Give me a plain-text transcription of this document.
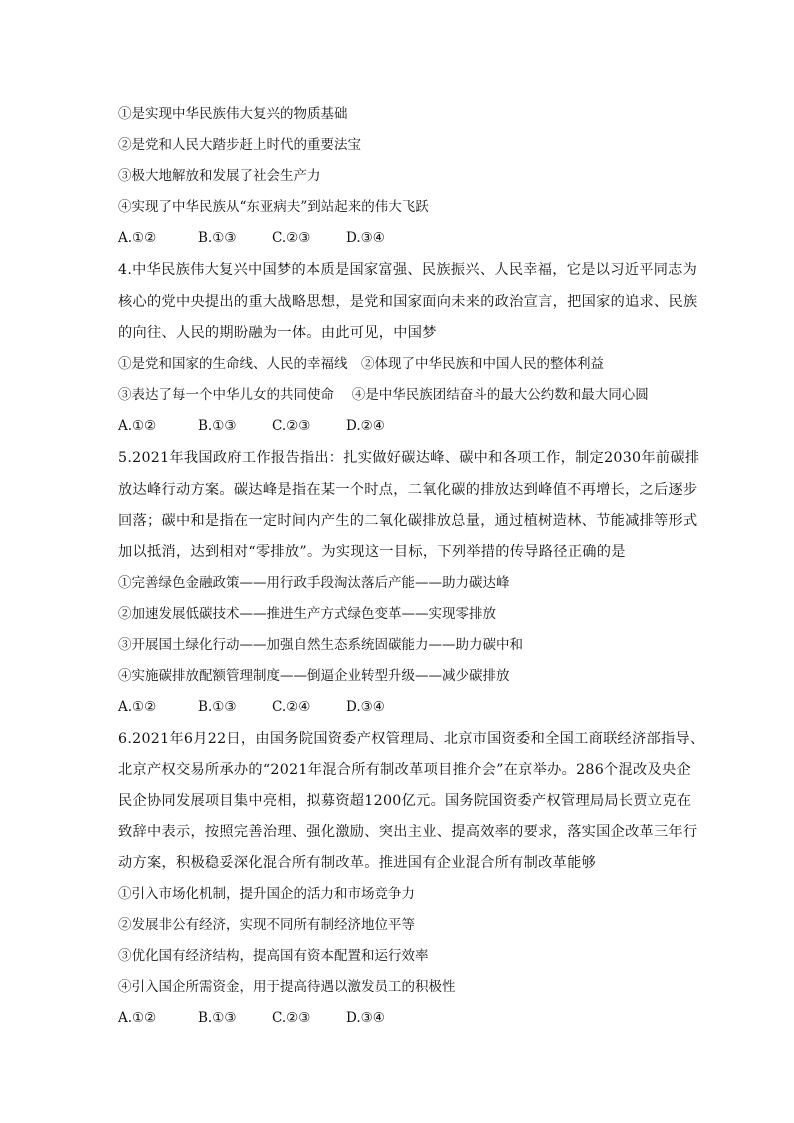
①是实现中华民族伟大复兴的物质基础
②是党和人民大踏步赶上时代的重要法宝
③极大地解放和发展了社会生产力
④实现了中华民族从“东亚病夫”到站起来的伟大飞跃
A.①②	B.①③	C.②③	D.③④
4.中华民族伟大复兴中国梦的本质是国家富强、民族振兴、人民幸福，它是以习近平同志为
核心的党中央提出的重大战略思想，是党和国家面向未来的政治宣言，把国家的追求、民族
的向往、人民的期盼融为一体。由此可见，中国梦
①是党和国家的生命线、人民的幸福线　②体现了中华民族和中国人民的整体利益
③表达了每一个中华儿女的共同使命　 ④是中华民族团结奋斗的最大公约数和最大同心圆
A.①②	B.①③	C.②③	D.②④
5.2021年我国政府工作报告指出：扎实做好碳达峰、碳中和各项工作，制定2030年前碳排
放达峰行动方案。碳达峰是指在某一个时点，二氧化碳的排放达到峰值不再增长，之后逐步
回落；碳中和是指在一定时间内产生的二氧化碳排放总量，通过植树造林、节能减排等形式
加以抵消，达到相对“零排放”。为实现这一目标，下列举措的传导路径正确的是
①完善绿色金融政策——用行政手段淘汰落后产能——助力碳达峰
②加速发展低碳技术——推进生产方式绿色变革——实现零排放
③开展国土绿化行动——加强自然生态系统固碳能力——助力碳中和
④实施碳排放配额管理制度——倒逼企业转型升级——减少碳排放
A.①②	B.①③	C.②④	D.③④
6.2021年6月22日，由国务院国资委产权管理局、北京市国资委和全国工商联经济部指导、
北京产权交易所承办的“2021年混合所有制改革项目推介会”在京举办。286个混改及央企
民企协同发展项目集中亮相，拟募资超1200亿元。国务院国资委产权管理局局长贾立克在
致辞中表示，按照完善治理、强化激励、突出主业、提高效率的要求，落实国企改革三年行
动方案，积极稳妥深化混合所有制改革。推进国有企业混合所有制改革能够
①引入市场化机制，提升国企的活力和市场竞争力
②发展非公有经济，实现不同所有制经济地位平等
③优化国有经济结构，提高国有资本配置和运行效率
④引入国企所需资金，用于提高待遇以激发员工的积极性
A.①②	B.①③	C.②③	D.③④
